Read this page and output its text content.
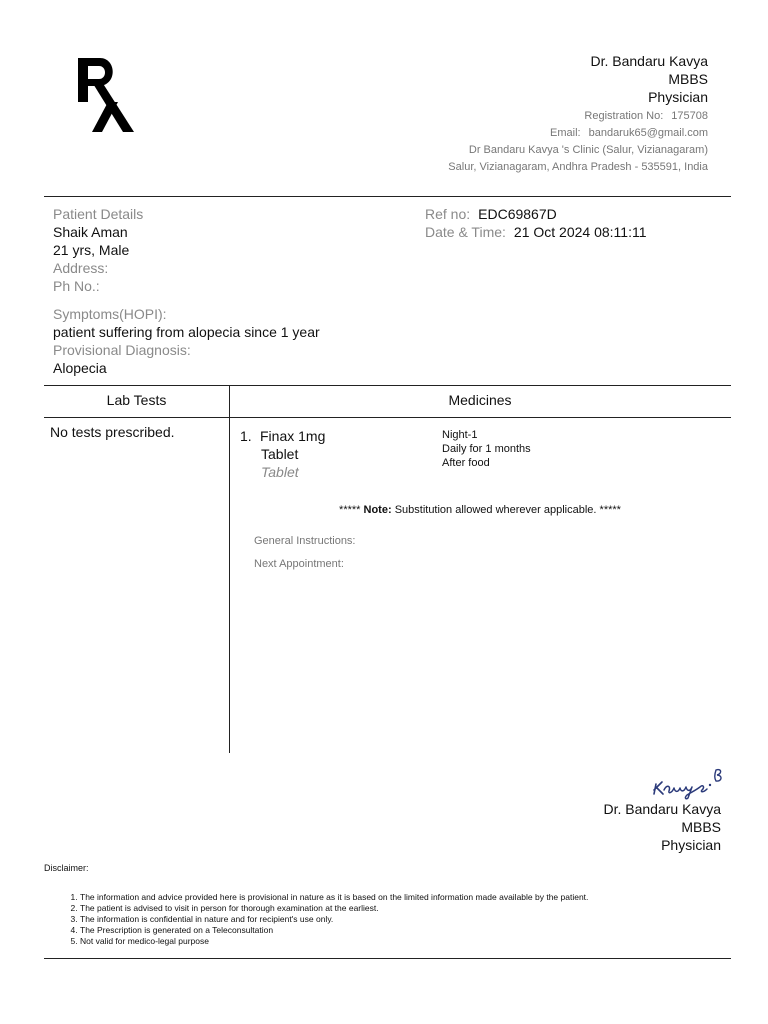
Dr. Bandaru Kavya
MBBS
Physician
Registration No: 175708
Email: bandaruk65@gmail.com
Dr Bandaru Kavya 's Clinic (Salur, Vizianagaram)
Salur, Vizianagaram, Andhra Pradesh - 535591, India
Patient Details
Shaik Aman
21 yrs, Male
Address:
Ph No.:
Ref no: EDC69867D
Date & Time: 21 Oct 2024 08:11:11
Symptoms(HOPI):
patient suffering from alopecia since 1 year
Provisional Diagnosis:
Alopecia
Lab Tests	Medicines
No tests prescribed.	1. Finax 1mg
Tablet
Tablet
Night-1
Daily for 1 months
After food
***** Note: Substitution allowed wherever applicable. *****
General Instructions:
Next Appointment:
Dr. Bandaru Kavya
MBBS
Physician
Disclaimer:
1. The information and advice provided here is provisional in nature as it is based on the limited information made available by the patient.
2. The patient is advised to visit in person for thorough examination at the earliest.
3. The information is confidential in nature and for recipient's use only.
4. The Prescription is generated on a Teleconsultation
5. Not valid for medico-legal purpose
